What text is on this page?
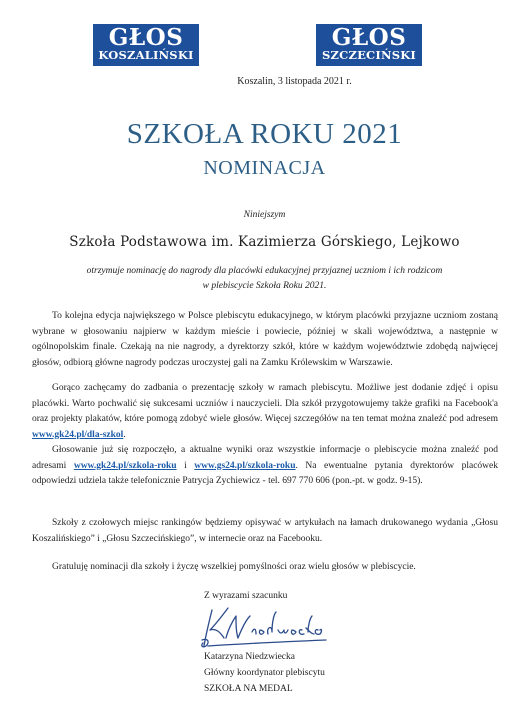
GŁOS
KOSZALIŃSKI
GŁOS
SZCZECIŃSKI
Koszalin, 3 listopada 2021 r.
SZKOŁA ROKU 2021
NOMINACJA
Niniejszym
Szkoła Podstawowa im. Kazimierza Górskiego, Lejkowo
otrzymuje nominację do nagrody dla placówki edukacyjnej przyjaznej uczniom i ich rodzicom
w plebiscycie Szkoła Roku 2021.

To kolejna edycja największego w Polsce plebiscytu edukacyjnego, w którym placówki przyjazne uczniom zostaną wybrane w głosowaniu najpierw w każdym mieście i powiecie, później w skali województwa, a następnie w ogólnopolskim finale. Czekają na nie nagrody, a dyrektorzy szkół, które w każdym województwie zdobędą najwięcej głosów, odbiorą główne nagrody podczas uroczystej gali na Zamku Królewskim w Warszawie.

Gorąco zachęcamy do zadbania o prezentację szkoły w ramach plebiscytu. Możliwe jest dodanie zdjęć i opisu placówki. Warto pochwalić się sukcesami uczniów i nauczycieli. Dla szkół przygotowujemy także grafiki na Facebook'a oraz projekty plakatów, które pomogą zdobyć wiele głosów. Więcej szczegółów na ten temat można znaleźć pod adresem www.gk24.pl/dla-szkol.

Głosowanie już się rozpoczęło, a aktualne wyniki oraz wszystkie informacje o plebiscycie można znaleźć pod adresami www.gk24.pl/szkola-roku i www.gs24.pl/szkola-roku. Na ewentualne pytania dyrektorów placówek odpowiedzi udziela także telefonicznie Patrycja Zychiewicz - tel. 697 770 606 (pon.-pt. w godz. 9-15).

Szkoły z czołowych miejsc rankingów będziemy opisywać w artykułach na łamach drukowanego wydania „Głosu Koszalińskiego” i „Głosu Szczecińskiego”, w internecie oraz na Facebooku.

Gratuluję nominacji dla szkoły i życzę wszelkiej pomyślności oraz wielu głosów w plebiscycie.

Z wyrazami szacunku
Katarzyna Niedzwiecka
Główny koordynator plebiscytu
SZKOŁA NA MEDAL
